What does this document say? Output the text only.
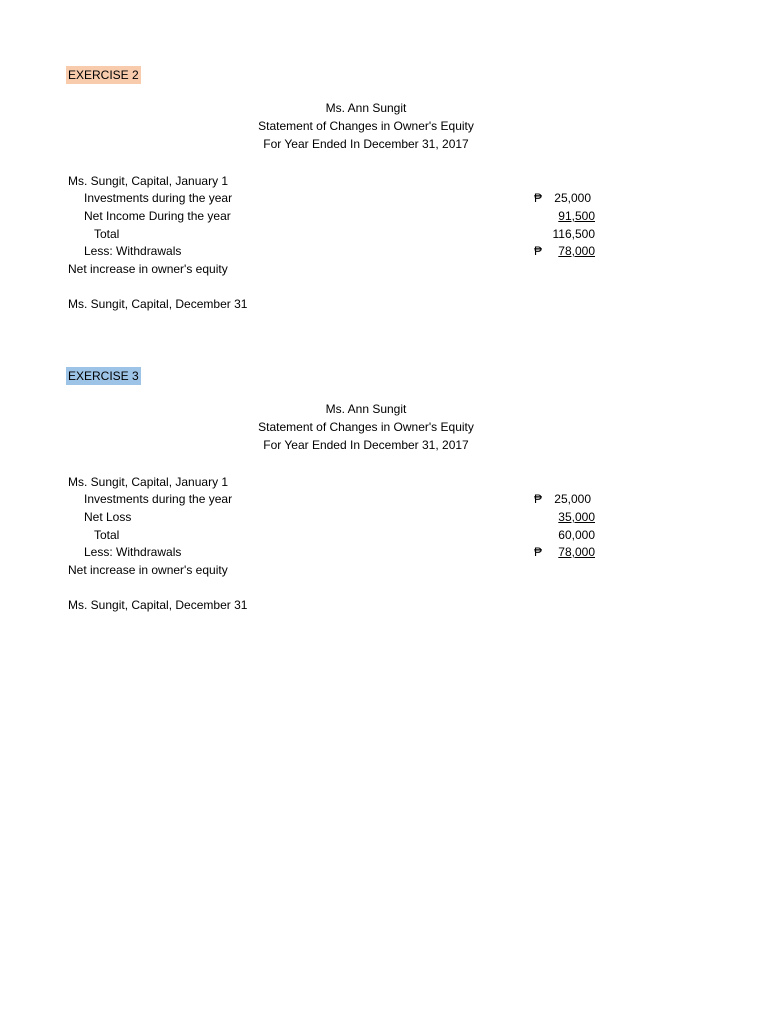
EXERCISE 2
Ms. Ann Sungit
Statement of Changes in Owner's Equity
For Year Ended In December 31, 2017
Ms. Sungit, Capital, January 1
Investments during the year	₱ 25,000
Net Income During the year	91,500
Total	116,500
Less: Withdrawals	₱ 78,000
Net increase in owner's equity
Ms. Sungit, Capital, December 31
EXERCISE 3
Ms. Ann Sungit
Statement of Changes in Owner's Equity
For Year Ended In December 31, 2017
Ms. Sungit, Capital, January 1
Investments during the year	₱ 25,000
Net Loss	35,000
Total	60,000
Less: Withdrawals	₱ 78,000
Net increase in owner's equity
Ms. Sungit, Capital, December 31
